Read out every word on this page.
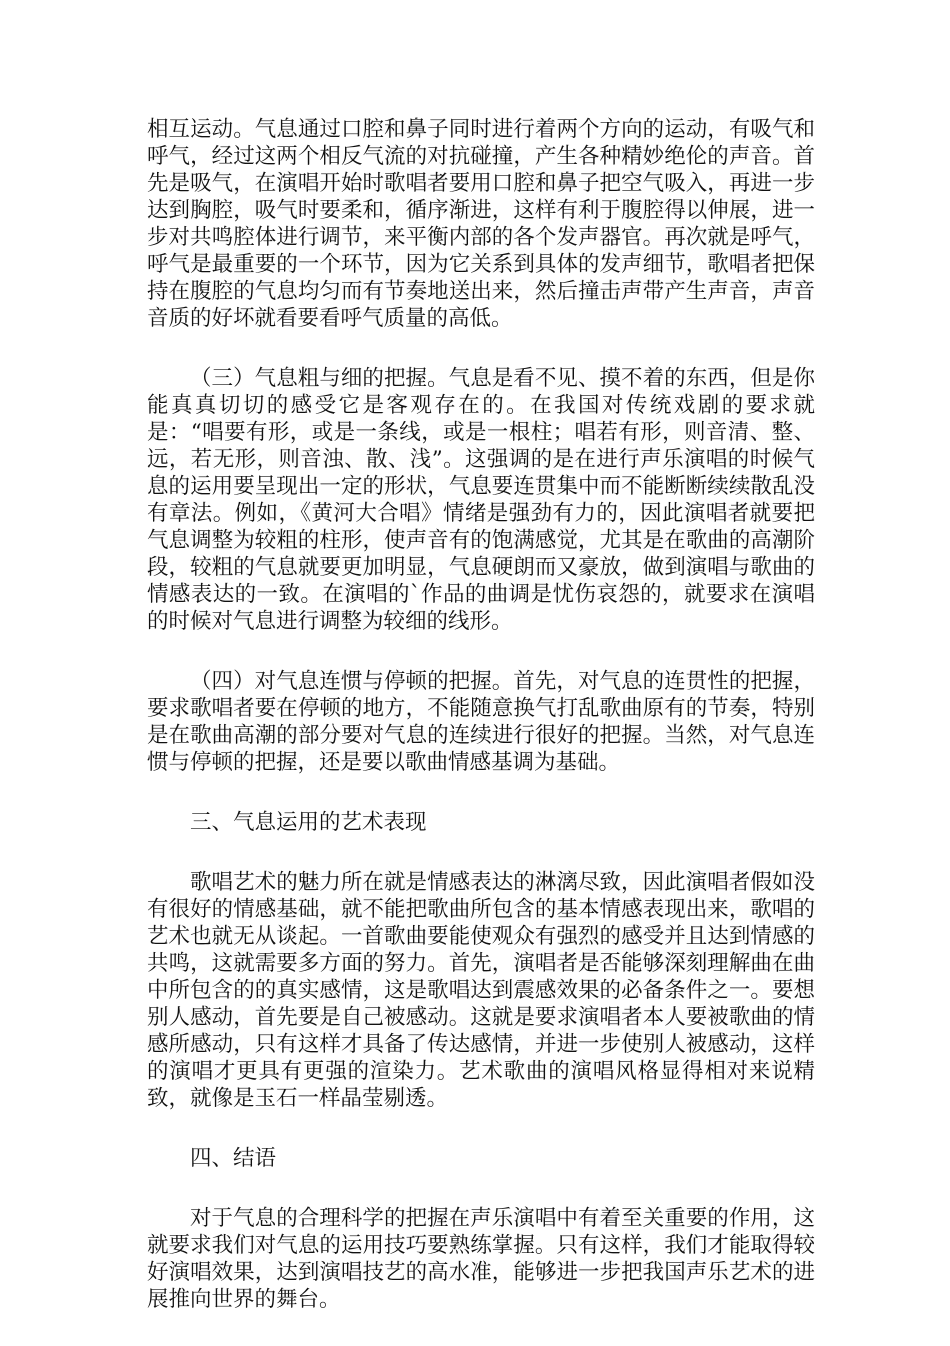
相互运动。气息通过口腔和鼻子同时进行着两个方向的运动，有吸气和呼气，经过这两个相反气流的对抗碰撞，产生各种精妙绝伦的声音。首先是吸气，在演唱开始时歌唱者要用口腔和鼻子把空气吸入，再进一步达到胸腔，吸气时要柔和，循序渐进，这样有利于腹腔得以伸展，进一步对共鸣腔体进行调节，来平衡内部的各个发声器官。再次就是呼气，呼气是最重要的一个环节，因为它关系到具体的发声细节，歌唱者把保持在腹腔的气息均匀而有节奏地送出来，然后撞击声带产生声音，声音音质的好坏就看要看呼气质量的高低。

（三）气息粗与细的把握。气息是看不见、摸不着的东西，但是你能真真切切的感受它是客观存在的。在我国对传统戏剧的要求就是：“唱要有形，或是一条线，或是一根柱；唱若有形，则音清、整、远，若无形，则音浊、散、浅”。这强调的是在进行声乐演唱的时候气息的运用要呈现出一定的形状，气息要连贯集中而不能断断续续散乱没有章法。例如，《黄河大合唱》情绪是强劲有力的，因此演唱者就要把气息调整为较粗的柱形，使声音有的饱满感觉，尤其是在歌曲的高潮阶段，较粗的气息就要更加明显，气息硬朗而又豪放，做到演唱与歌曲的情感表达的一致。在演唱的`作品的曲调是忧伤哀怨的，就要求在演唱的时候对气息进行调整为较细的线形。

（四）对气息连惯与停顿的把握。首先，对气息的连贯性的把握，要求歌唱者要在停顿的地方，不能随意换气打乱歌曲原有的节奏，特别是在歌曲高潮的部分要对气息的连续进行很好的把握。当然，对气息连惯与停顿的把握，还是要以歌曲情感基调为基础。

三、气息运用的艺术表现

歌唱艺术的魅力所在就是情感表达的淋漓尽致，因此演唱者假如没有很好的情感基础，就不能把歌曲所包含的基本情感表现出来，歌唱的艺术也就无从谈起。一首歌曲要能使观众有强烈的感受并且达到情感的共鸣，这就需要多方面的努力。首先，演唱者是否能够深刻理解曲在曲中所包含的的真实感情，这是歌唱达到震感效果的必备条件之一。要想别人感动，首先要是自己被感动。这就是要求演唱者本人要被歌曲的情感所感动，只有这样才具备了传达感情，并进一步使别人被感动，这样的演唱才更具有更强的渲染力。艺术歌曲的演唱风格显得相对来说精致，就像是玉石一样晶莹剔透。

四、结语

对于气息的合理科学的把握在声乐演唱中有着至关重要的作用，这就要求我们对气息的运用技巧要熟练掌握。只有这样，我们才能取得较好演唱效果，达到演唱技艺的高水准，能够进一步把我国声乐艺术的进展推向世界的舞台。
